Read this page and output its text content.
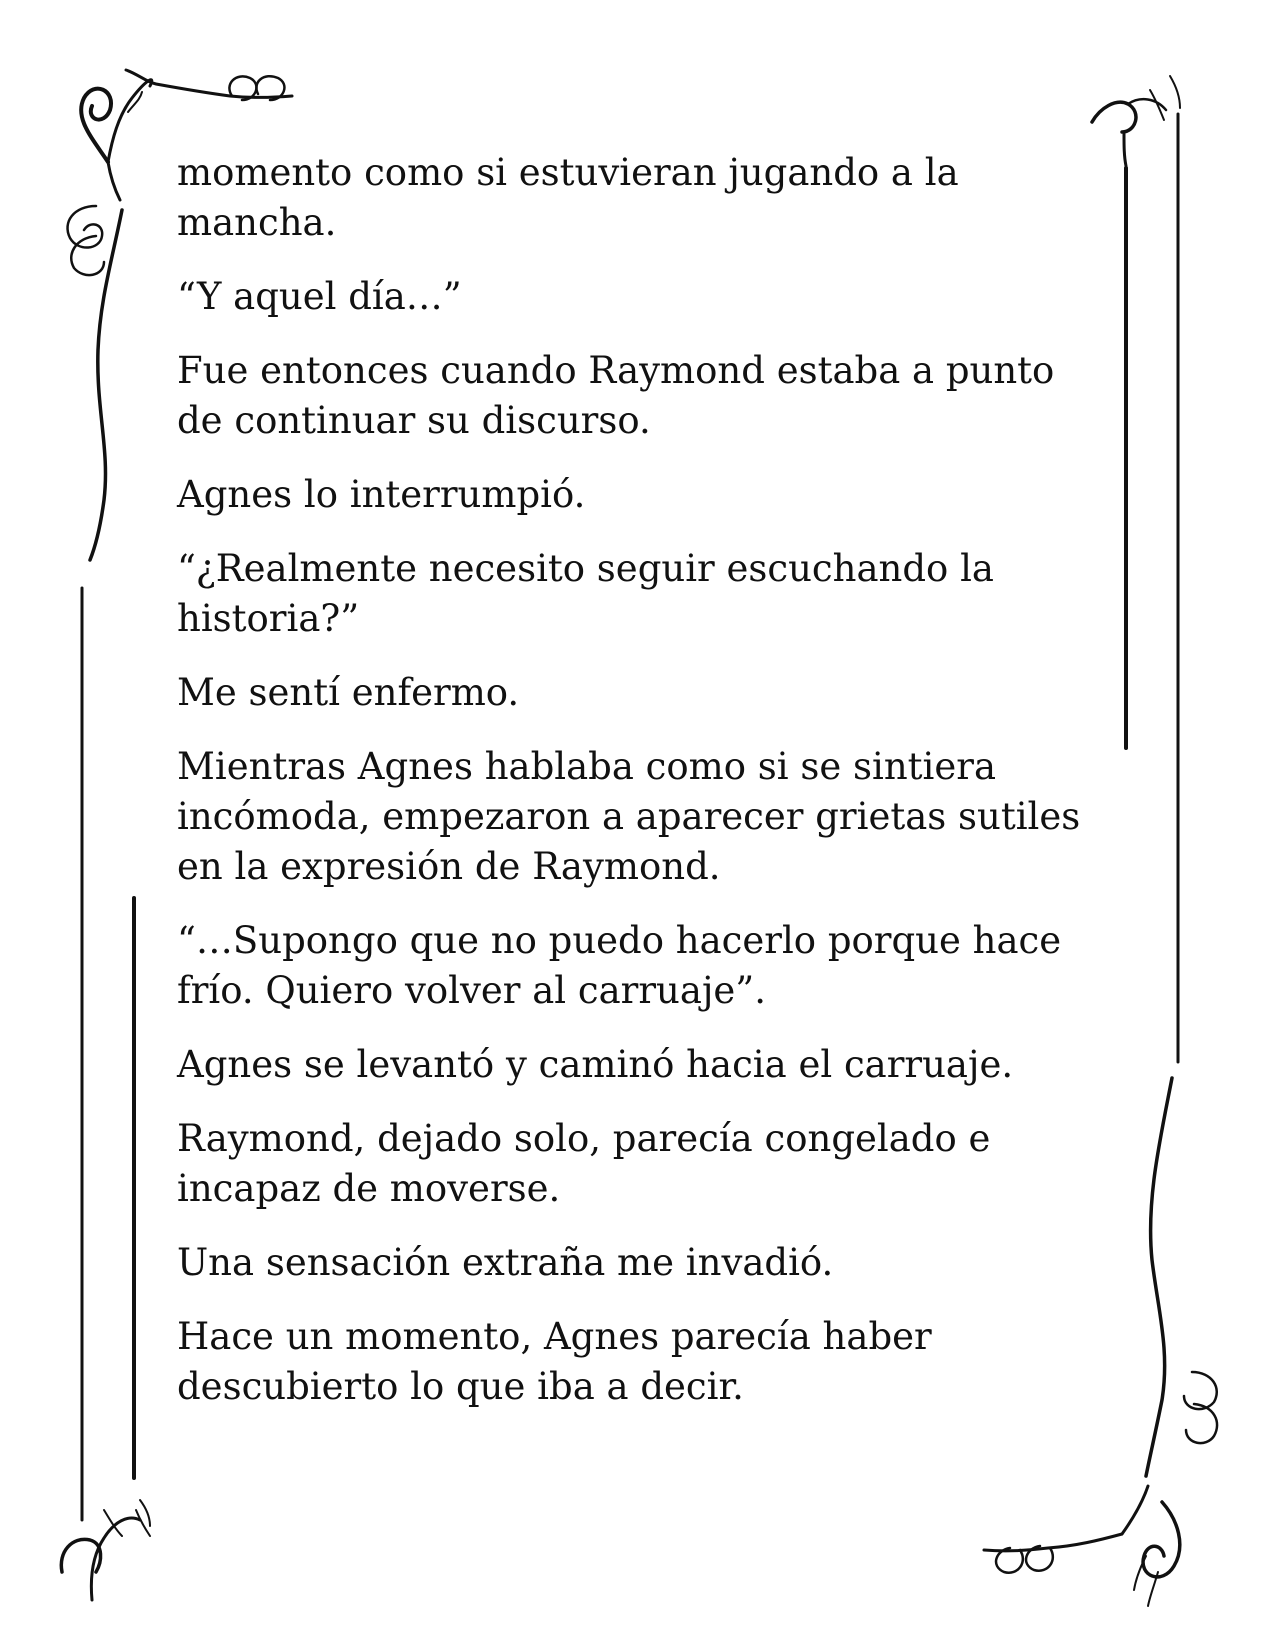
momento como si estuvieran jugando a la mancha.

“Y aquel día…”

Fue entonces cuando Raymond estaba a punto de continuar su discurso.

Agnes lo interrumpió.

“¿Realmente necesito seguir escuchando la historia?”

Me sentí enfermo.

Mientras Agnes hablaba como si se sintiera incómoda, empezaron a aparecer grietas sutiles en la expresión de Raymond.

“…Supongo que no puedo hacerlo porque hace frío. Quiero volver al carruaje”.

Agnes se levantó y caminó hacia el carruaje.

Raymond, dejado solo, parecía congelado e incapaz de moverse.

Una sensación extraña me invadió.

Hace un momento, Agnes parecía haber descubierto lo que iba a decir.
